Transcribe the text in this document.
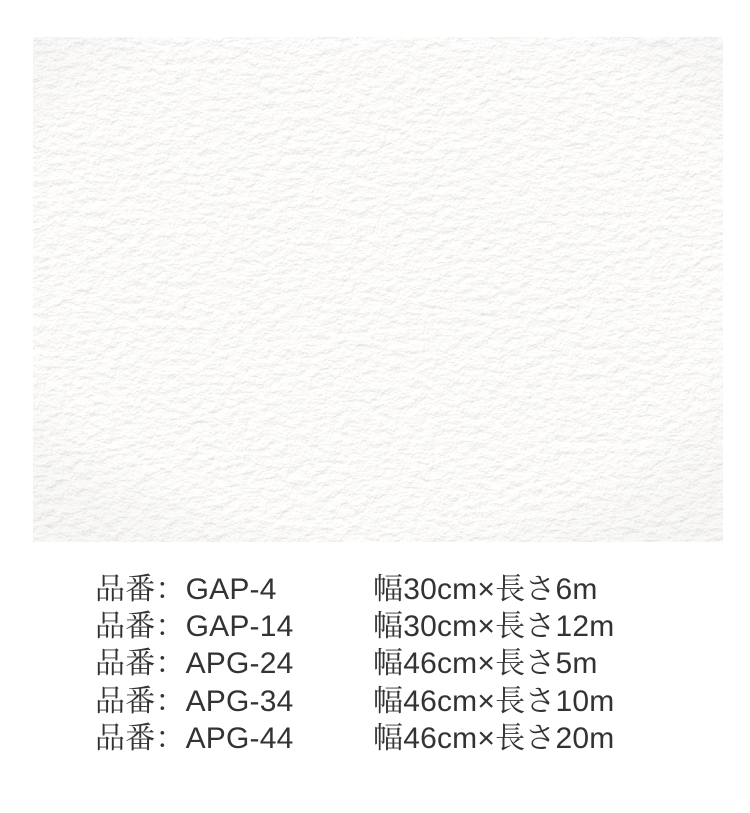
品番：GAP-4	幅30cm×長さ6m
品番：GAP-14	幅30cm×長さ12m
品番：APG-24	幅46cm×長さ5m
品番：APG-34	幅46cm×長さ10m
品番：APG-44	幅46cm×長さ20m
